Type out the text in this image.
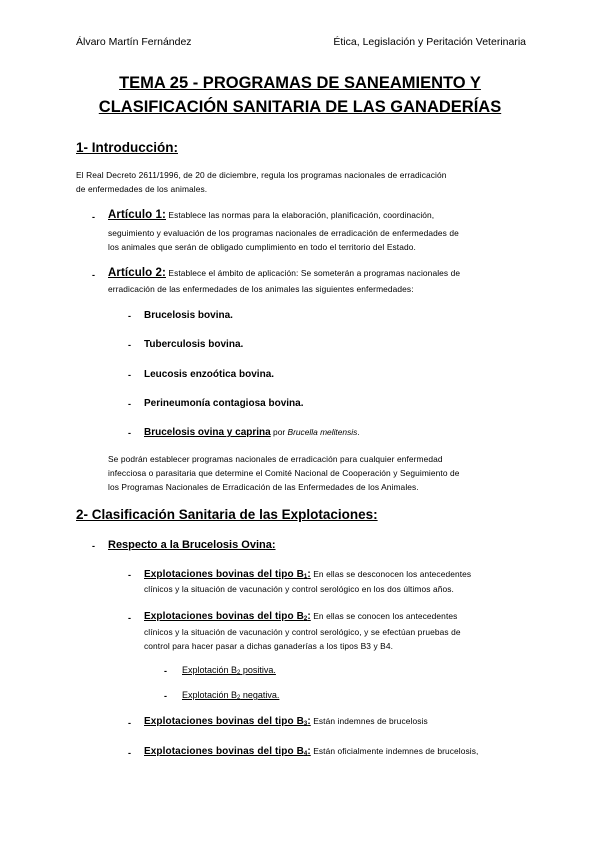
Álvaro Martín Fernández	Ética, Legislación y Peritación Veterinaria
TEMA 25 - PROGRAMAS DE SANEAMIENTO Y
CLASIFICACIÓN SANITARIA DE LAS GANADERÍAS
1- Introducción:
El Real Decreto 2611/1996, de 20 de diciembre, regula los programas nacionales de erradicación
de enfermedades de los animales.
- Artículo 1: Establece las normas para la elaboración, planificación, coordinación,
seguimiento y evaluación de los programas nacionales de erradicación de enfermedades de
los animales que serán de obligado cumplimiento en todo el territorio del Estado.
- Artículo 2: Establece el ámbito de aplicación: Se someterán a programas nacionales de
erradicación de las enfermedades de los animales las siguientes enfermedades:
- Brucelosis bovina.
- Tuberculosis bovina.
- Leucosis enzoótica bovina.
- Perineumonía contagiosa bovina.
- Brucelosis ovina y caprina por Brucella melitensis.
Se podrán establecer programas nacionales de erradicación para cualquier enfermedad
infecciosa o parasitaria que determine el Comité Nacional de Cooperación y Seguimiento de
los Programas Nacionales de Erradicación de las Enfermedades de los Animales.
2- Clasificación Sanitaria de las Explotaciones:
- Respecto a la Brucelosis Ovina:
- Explotaciones bovinas del tipo B1: En ellas se desconocen los antecedentes
clínicos y la situación de vacunación y control serológico en los dos últimos años.
- Explotaciones bovinas del tipo B2: En ellas se conocen los antecedentes
clínicos y la situación de vacunación y control serológico, y se efectúan pruebas de
control para hacer pasar a dichas ganaderías a los tipos B3 y B4.
- Explotación B2 positiva.
- Explotación B2 negativa.
- Explotaciones bovinas del tipo B3: Están indemnes de brucelosis
- Explotaciones bovinas del tipo B4: Están oficialmente indemnes de brucelosis,
